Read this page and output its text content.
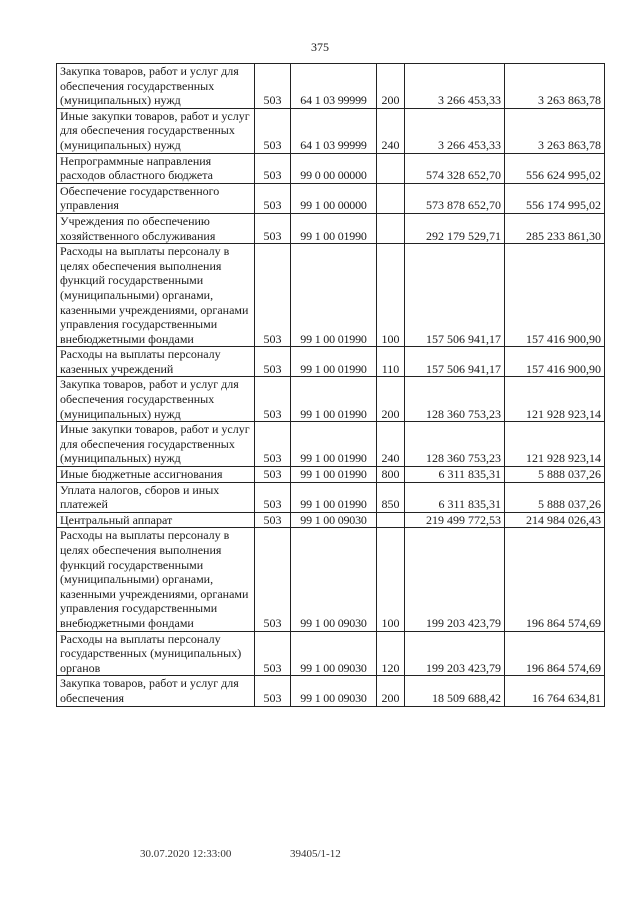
375
Закупка товаров, работ и услуг для обеспечения государственных (муниципальных) нужд	503	64 1 03 99999	200	3 266 453,33	3 263 863,78
Иные закупки товаров, работ и услуг для обеспечения государственных (муниципальных) нужд	503	64 1 03 99999	240	3 266 453,33	3 263 863,78
Непрограммные направления расходов областного бюджета	503	99 0 00 00000		574 328 652,70	556 624 995,02
Обеспечение государственного управления	503	99 1 00 00000		573 878 652,70	556 174 995,02
Учреждения по обеспечению хозяйственного обслуживания	503	99 1 00 01990		292 179 529,71	285 233 861,30
Расходы на выплаты персоналу в целях обеспечения выполнения функций государственными (муниципальными) органами, казенными учреждениями, органами управления государственными внебюджетными фондами	503	99 1 00 01990	100	157 506 941,17	157 416 900,90
Расходы на выплаты персоналу казенных учреждений	503	99 1 00 01990	110	157 506 941,17	157 416 900,90
Закупка товаров, работ и услуг для обеспечения государственных (муниципальных) нужд	503	99 1 00 01990	200	128 360 753,23	121 928 923,14
Иные закупки товаров, работ и услуг для обеспечения государственных (муниципальных) нужд	503	99 1 00 01990	240	128 360 753,23	121 928 923,14
Иные бюджетные ассигнования	503	99 1 00 01990	800	6 311 835,31	5 888 037,26
Уплата налогов, сборов и иных платежей	503	99 1 00 01990	850	6 311 835,31	5 888 037,26
Центральный аппарат	503	99 1 00 09030		219 499 772,53	214 984 026,43
Расходы на выплаты персоналу в целях обеспечения выполнения функций государственными (муниципальными) органами, казенными учреждениями, органами управления государственными внебюджетными фондами	503	99 1 00 09030	100	199 203 423,79	196 864 574,69
Расходы на выплаты персоналу государственных (муниципальных) органов	503	99 1 00 09030	120	199 203 423,79	196 864 574,69
Закупка товаров, работ и услуг для обеспечения	503	99 1 00 09030	200	18 509 688,42	16 764 634,81
30.07.2020 12:33:00	39405/1-12
